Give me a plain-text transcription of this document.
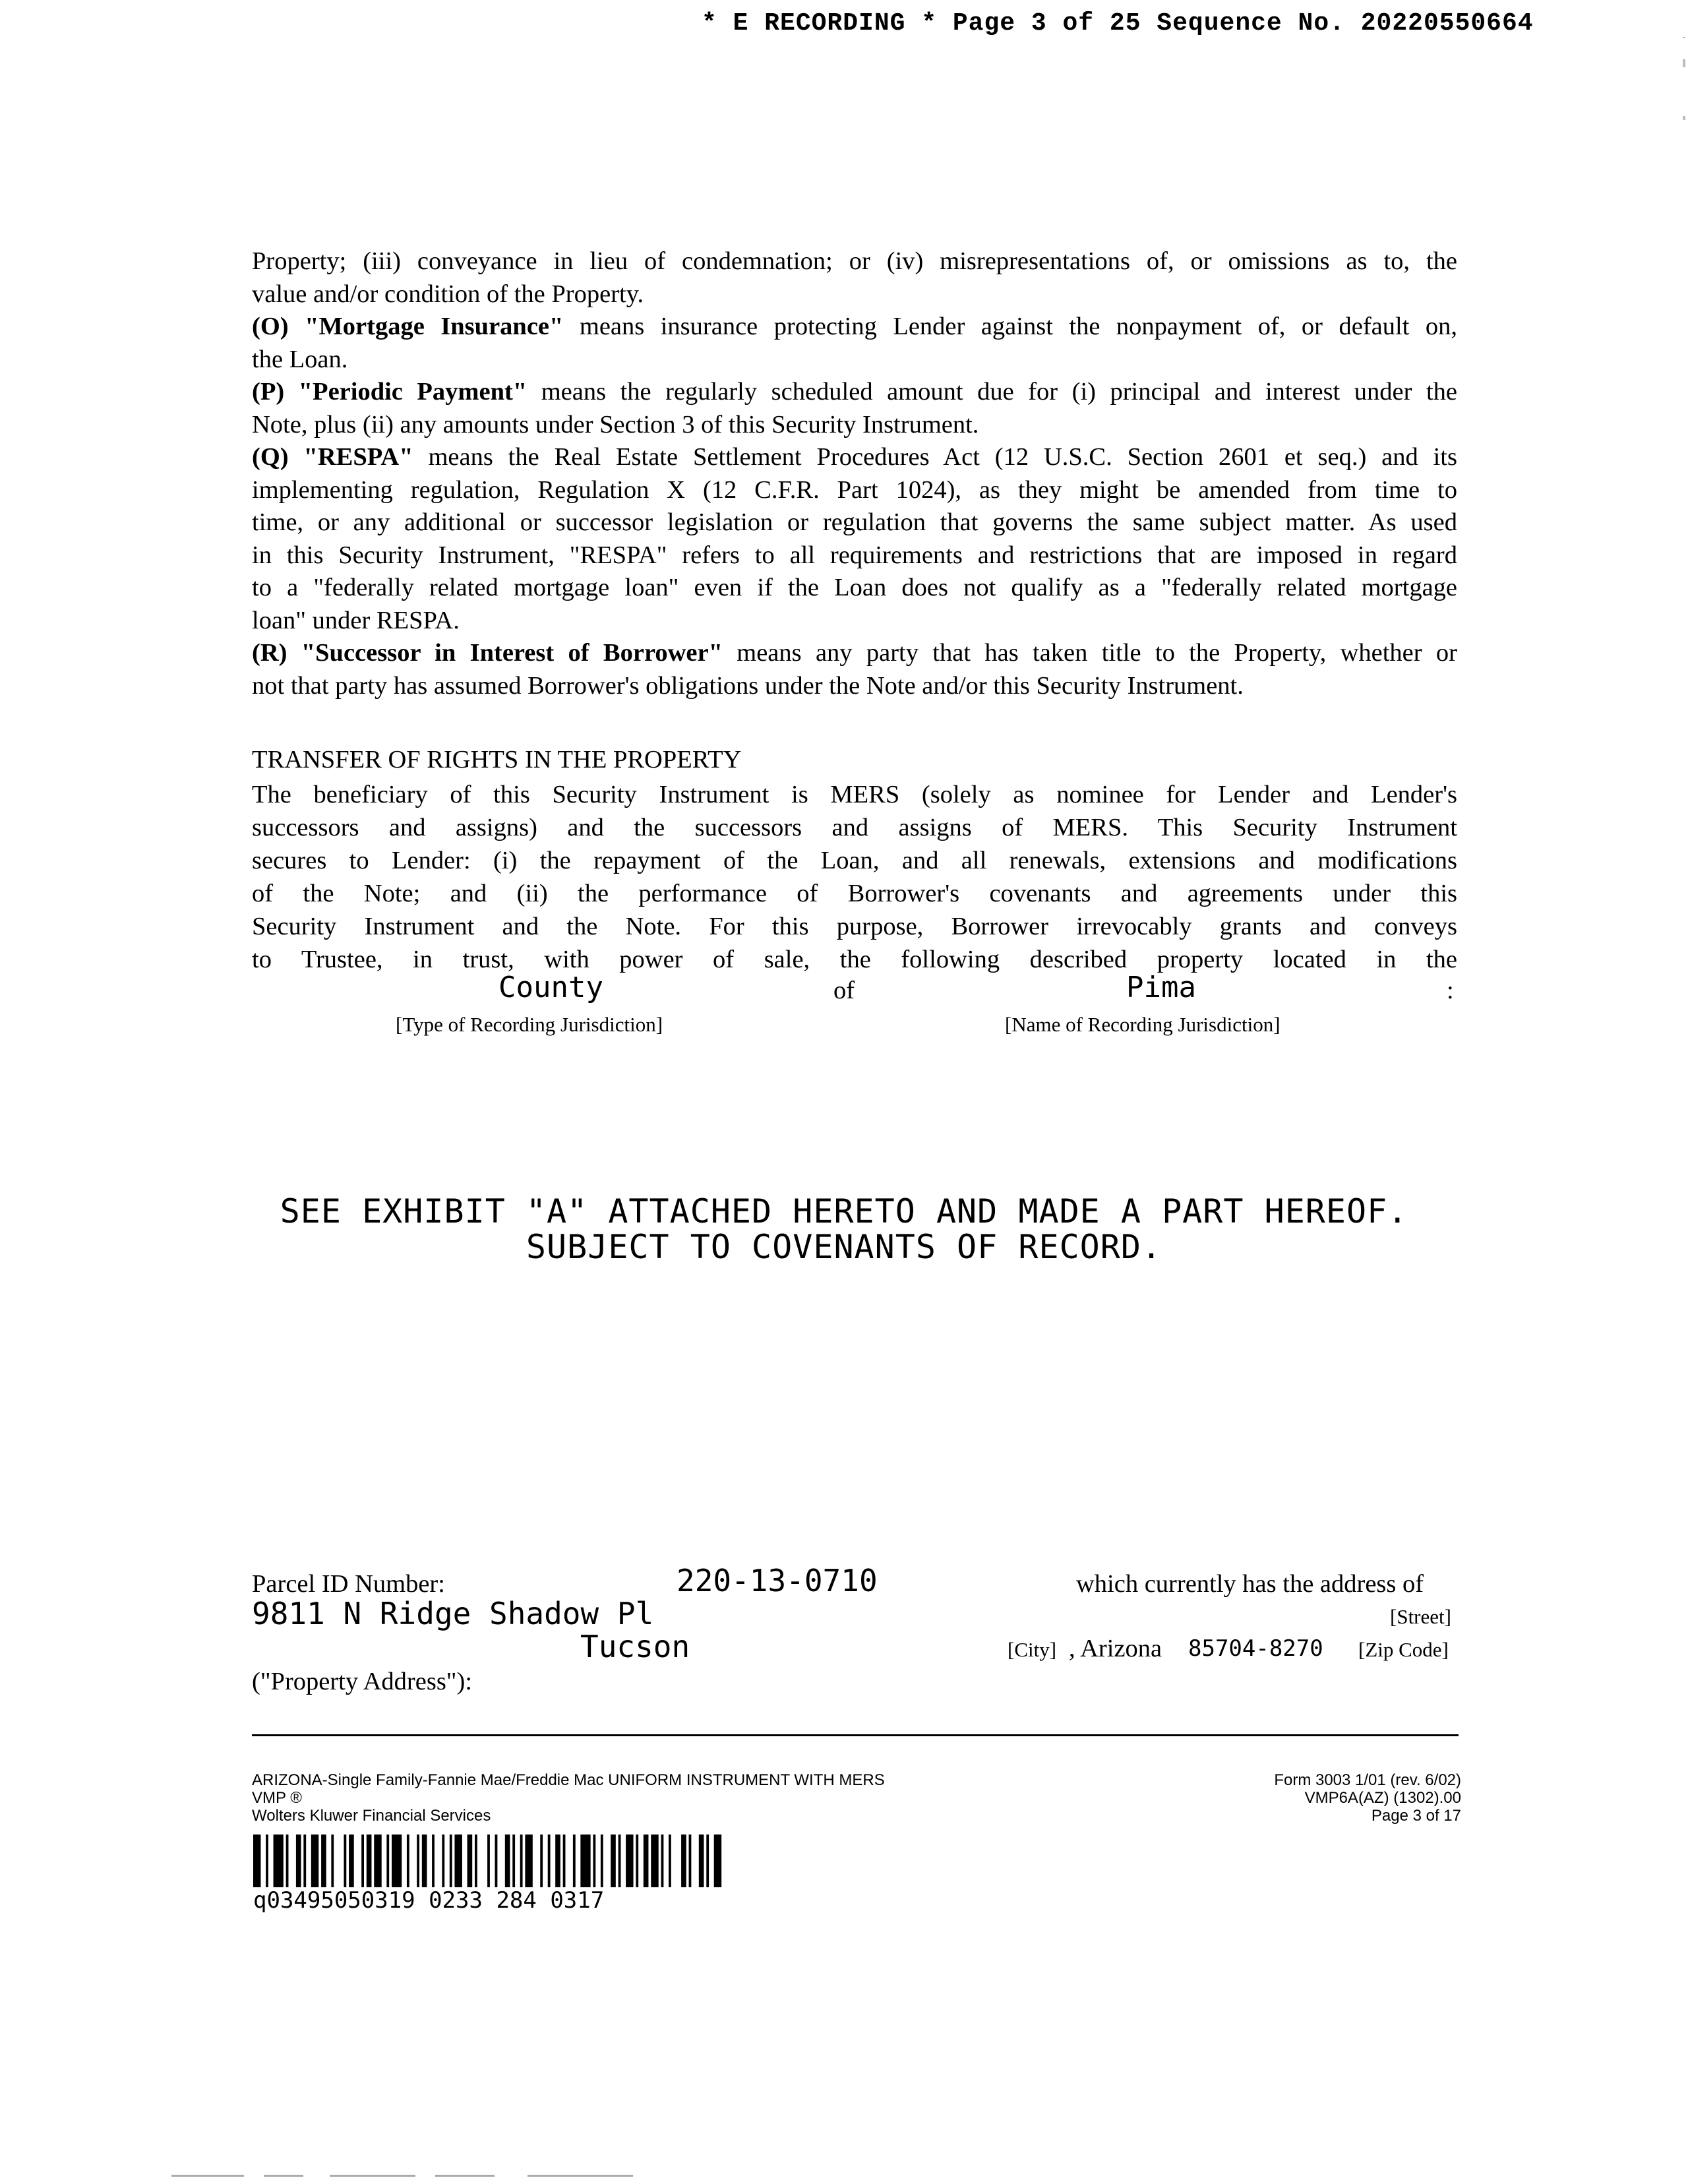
* E RECORDING * Page 3 of 25 Sequence No. 20220550664

Property; (iii) conveyance in lieu of condemnation; or (iv) misrepresentations of, or omissions as to, the

value and/or condition of the Property.

(O) "Mortgage Insurance" means insurance protecting Lender against the nonpayment of, or default on,

the Loan.

(P) "Periodic Payment" means the regularly scheduled amount due for (i) principal and interest under the

Note, plus (ii) any amounts under Section 3 of this Security Instrument.

(Q) "RESPA" means the Real Estate Settlement Procedures Act (12 U.S.C. Section 2601 et seq.) and its

implementing regulation, Regulation X (12 C.F.R. Part 1024), as they might be amended from time to

time, or any additional or successor legislation or regulation that governs the same subject matter. As used

in this Security Instrument, "RESPA" refers to all requirements and restrictions that are imposed in regard

to a "federally related mortgage loan" even if the Loan does not qualify as a "federally related mortgage

loan" under RESPA.

(R) "Successor in Interest of Borrower" means any party that has taken title to the Property, whether or

not that party has assumed Borrower's obligations under the Note and/or this Security Instrument.

TRANSFER OF RIGHTS IN THE PROPERTY
The beneficiary of this Security Instrument is MERS (solely as nominee for Lender and Lender's
successors and assigns) and the successors and assigns of MERS. This Security Instrument
secures to Lender: (i) the repayment of the Loan, and all renewals, extensions and modifications
of the Note; and (ii) the performance of Borrower's covenants and agreements under this
Security Instrument and the Note. For this purpose, Borrower irrevocably grants and conveys
to Trustee, in trust, with power of sale, the following described property located in the
County	of	Pima	:
[Type of Recording Jurisdiction]	[Name of Recording Jurisdiction]
SEE EXHIBIT "A" ATTACHED HERETO AND MADE A PART HEREOF.
SUBJECT TO COVENANTS OF RECORD.
Parcel ID Number:	220-13-0710	which currently has the address of
9811 N Ridge Shadow Pl	[Street]
Tucson	[City] , Arizona 85704-8270 [Zip Code]
("Property Address"):
ARIZONA-Single Family-Fannie Mae/Freddie Mac UNIFORM INSTRUMENT WITH MERS
VMP ®
Wolters Kluwer Financial Services
Form 3003 1/01 (rev. 6/02)
VMP6A(AZ) (1302).00
Page 3 of 17
q03495050319 0233 284 0317
